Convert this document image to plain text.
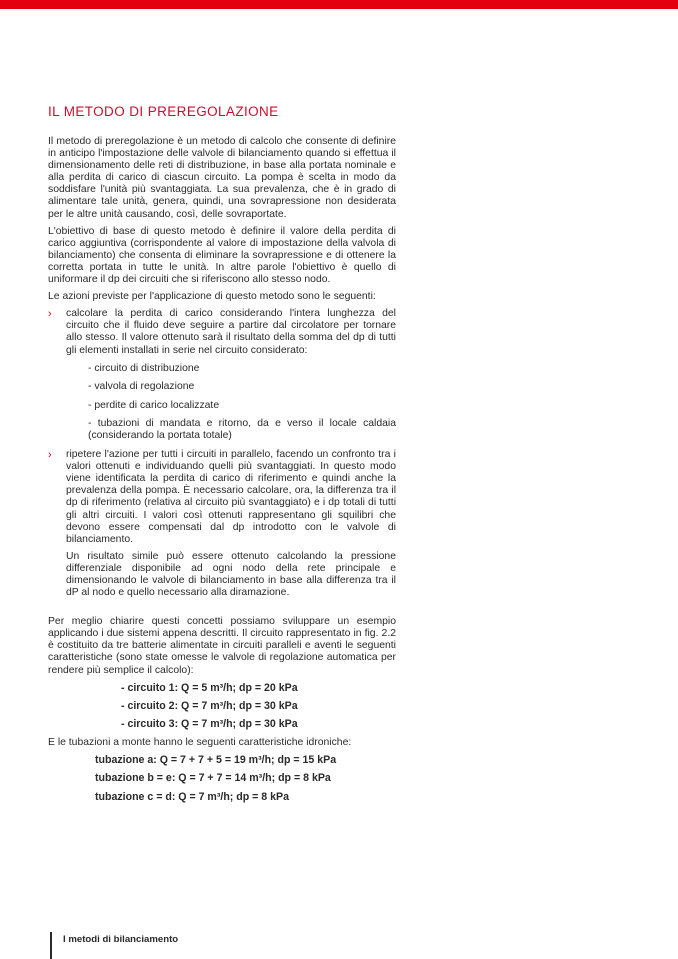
IL METODO DI PREREGOLAZIONE

Il metodo di preregolazione è un metodo di calcolo che consente di definire in anticipo l'impostazione delle valvole di bilanciamento quando si effettua il dimensionamento delle reti di distribuzione, in base alla portata nominale e alla perdita di carico di ciascun circuito. La pompa è scelta in modo da soddisfare l'unità più svantaggiata. La sua prevalenza, che è in grado di alimentare tale unità, genera, quindi, una sovrapressione non desiderata per le altre unità causando, così, delle sovraportate.

L'obiettivo di base di questo metodo è definire il valore della perdita di carico aggiuntiva (corrispondente al valore di impostazione della valvola di bilanciamento) che consenta di eliminare la sovrapressione e di ottenere la corretta portata in tutte le unità. In altre parole l'obiettivo è quello di uniformare il dp dei circuiti che si riferiscono allo stesso nodo.

Le azioni previste per l'applicazione di questo metodo sono le seguenti:

› calcolare la perdita di carico considerando l'intera lunghezza del circuito che il fluido deve seguire a partire dal circolatore per tornare allo stesso. Il valore ottenuto sarà il risultato della somma del dp di tutti gli elementi installati in serie nel circuito considerato:
- circuito di distribuzione
- valvola di regolazione
- perdite di carico localizzate
- tubazioni di mandata e ritorno, da e verso il locale caldaia (considerando la portata totale)
› ripetere l'azione per tutti i circuiti in parallelo, facendo un confronto tra i valori ottenuti e individuando quelli più svantaggiati. In questo modo viene identificata la perdita di carico di riferimento e quindi anche la prevalenza della pompa. È necessario calcolare, ora, la differenza tra il dp di riferimento (relativa al circuito più svantaggiato) e i dp totali di tutti gli altri circuiti. I valori così ottenuti rappresentano gli squilibri che devono essere compensati dal dp introdotto con le valvole di bilanciamento.

Un risultato simile può essere ottenuto calcolando la pressione differenziale disponibile ad ogni nodo della rete principale e dimensionando le valvole di bilanciamento in base alla differenza tra il dP al nodo e quello necessario alla diramazione.

Per meglio chiarire questi concetti possiamo sviluppare un esempio applicando i due sistemi appena descritti. Il circuito rappresentato in fig. 2.2 è costituito da tre batterie alimentate in circuiti paralleli e aventi le seguenti caratteristiche (sono state omesse le valvole di regolazione automatica per rendere più semplice il calcolo):

- circuito 1: Q = 5 m³/h; dp = 20 kPa
- circuito 2: Q = 7 m³/h; dp = 30 kPa
- circuito 3: Q = 7 m³/h; dp = 30 kPa

E le tubazioni a monte hanno le seguenti caratteristiche idroniche:

tubazione a: Q = 7 + 7 + 5 = 19 m³/h; dp = 15 kPa
tubazione b = e: Q = 7 + 7 = 14 m³/h; dp = 8 kPa
tubazione c = d: Q = 7 m³/h; dp = 8 kPa
I metodi di bilanciamento
